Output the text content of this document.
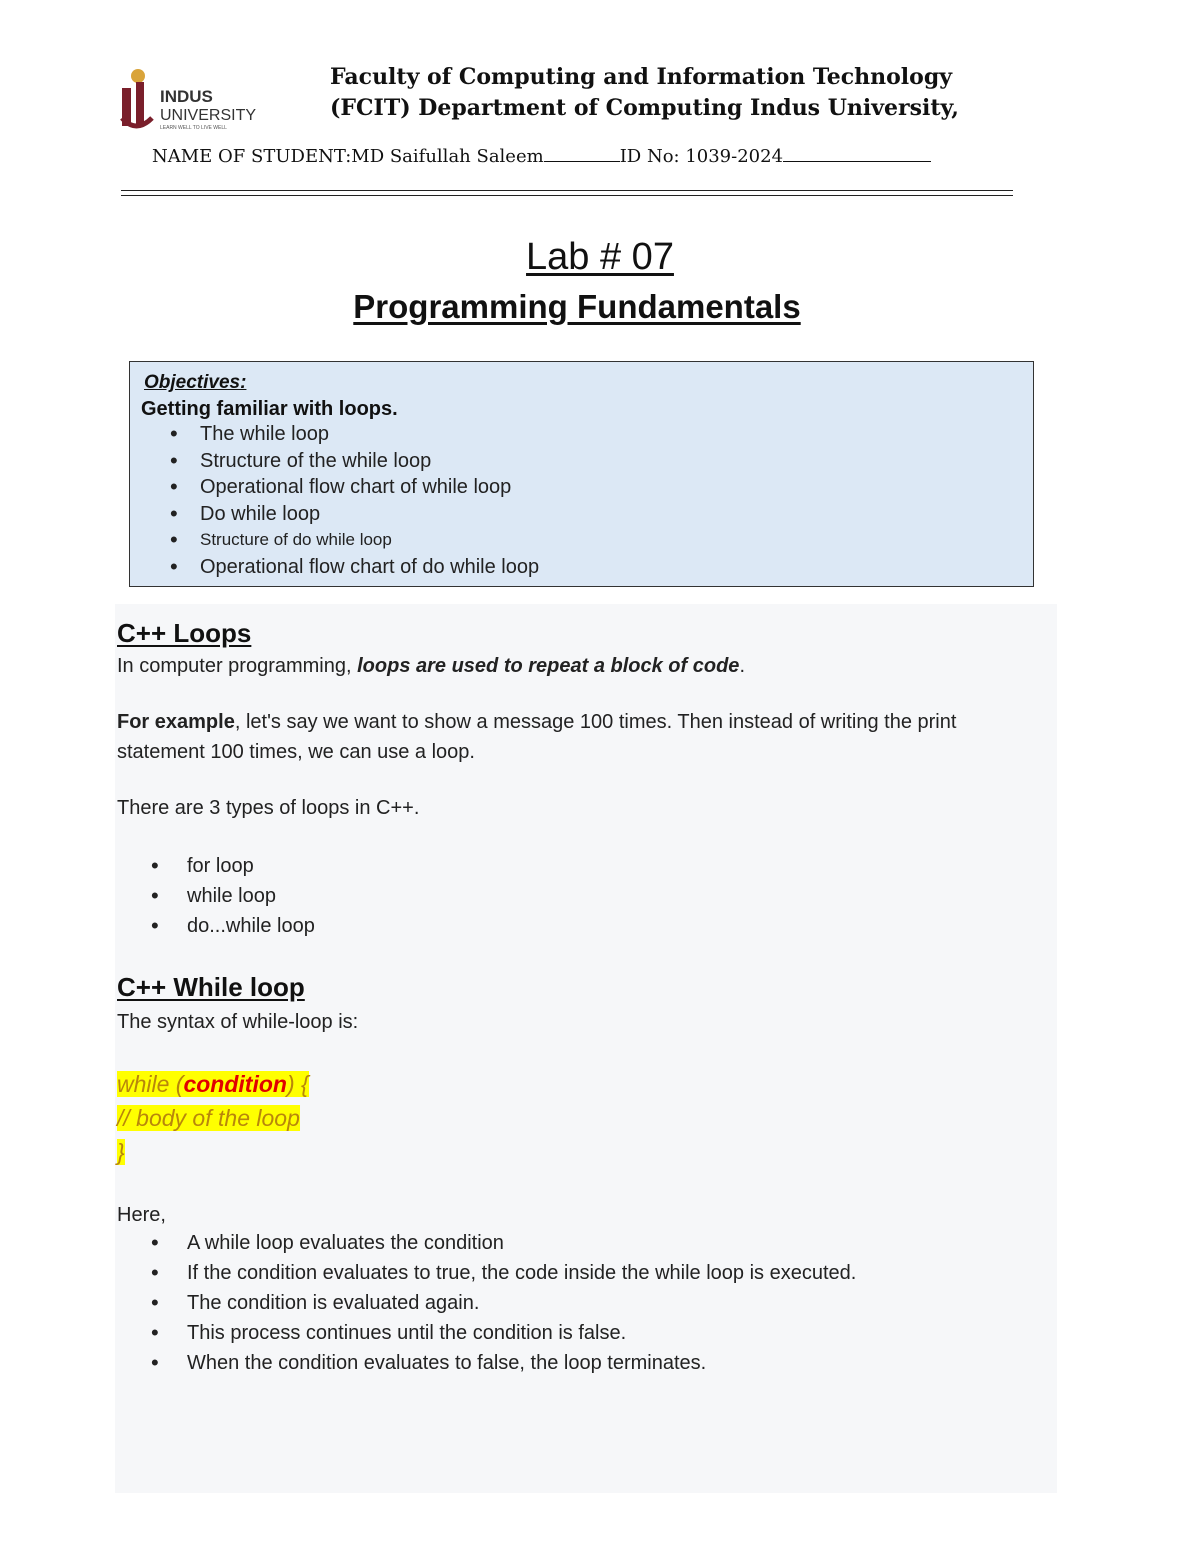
INDUS
UNIVERSITY
LEARN WELL TO LIVE WELL
Faculty of Computing and Information Technology
(FCIT) Department of Computing Indus University,
NAME OF STUDENT:MD Saifullah Saleem	ID No: 1039-2024
Lab # 07
Programming Fundamentals
Objectives:
Getting familiar with loops.
• The while loop
• Structure of the while loop
• Operational flow chart of while loop
• Do while loop
• Structure of do while loop
• Operational flow chart of do while loop
C++ Loops
In computer programming, loops are used to repeat a block of code.
For example, let's say we want to show a message 100 times. Then instead of writing the print
statement 100 times, we can use a loop.
There are 3 types of loops in C++.
• for loop
• while loop
• do...while loop
C++ While loop
The syntax of while-loop is:
while (condition) {
// body of the loop
}
Here,
• A while loop evaluates the condition
• If the condition evaluates to true, the code inside the while loop is executed.
• The condition is evaluated again.
• This process continues until the condition is false.
• When the condition evaluates to false, the loop terminates.
